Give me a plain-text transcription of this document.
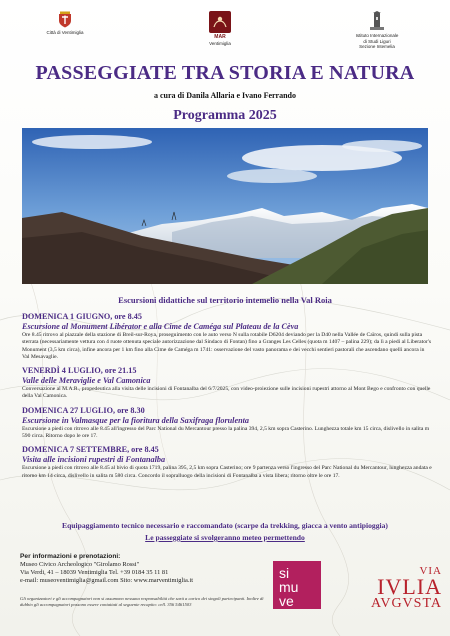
Città di Ventimiglia
MAR
Ventimiglia
Istituto Internazionale
di Studi Liguri
Sezione Intemelia
PASSEGGIATE TRA STORIA E NATURA
a cura di Danila Allaria e Ivano Ferrando
Programma 2025
Escursioni didattiche sul territorio intemelio nella Val Roia
DOMENICA 1 GIUGNO, ore 8.45
Escursione al Monument Libérator e alla Cime de Caméga sul Plateau de la Cèva
Ore 8.45 ritrovo al piazzale della stazione di Breil-sur-Roya, proseguimento con le auto verso N sulla rotabile D6204 deviando per la D40 nella Vallée de Caïros, quindi sulla pista sterrata (necessariamente vettura con 4 ruote ottenuta speciale autorizzazione dal Sindaco di Fontan) fino a Granges Les Celles (quota m 1407 – palina 229); da lì a piedi al Liberator's Monument (3,5 km circa), infine ancora per 1 km fino alla Cime de Caméga m 1741: osservazione del vasto panorama e dei vecchi sentieri pastorali che ascendano quelli ancora in Val Mesavaglie.
VENERDÌ 4 LUGLIO, ore 21.15
Valle delle Meraviglie e Val Camonica
Conversazione al M.A.R., propedeutica alla visita delle incisioni di Fontanalba del 6/7/2025, con video-proiezione sulle incisioni rupestri attorno al Mont Bego e confronto con quelle della Val Camonica.
DOMENICA 27 LUGLIO, ore 8.30
Escursione in Valmasque per la fioritura della Saxifraga florulenta
Escursione a piedi con ritrovo alle 8.45 all'ingresso del Parc National du Mercantour presso la palina 394, 2,5 km sopra Casterino. Lunghezza totale km 15 circa, dislivello in salita m 590 circa. Ritorno dopo le ore 17.
DOMENICA 7 SETTEMBRE, ore 8.45
Visita alle incisioni rupestri di Fontanalba
Escursione a piedi con ritrovo alle 8.45 al bivio di quota 1719, palina 395, 2,5 km sopra Casterino; ore 9 partenza verso l'ingresso del Parc National du Mercantour, lunghezza andata e ritorno km 14 circa, dislivello in salita m 580 circa. Concordo il sopralluogo della incisioni di Fontanalba a vista libera; ritorno oltre le ore 17.
Equipaggiamento tecnico necessario e raccomandato (scarpe da trekking, giacca a vento antipioggia)
Le passeggiate si svolgeranno meteo permettendo
Per informazioni e prenotazioni:
Museo Civico Archeologico "Girolamo Rossi"
Via Verdi, 41 – 18039 Ventimiglia Tel. +39 0184 35 11 81
e-mail: museoventimiglia@gmail.com Sito: www.marventimiglia.it
Gli organizzatori e gli accompagnatori non si assumono nessuna responsabilità che sarà a carico dei singoli partecipanti. Inoltre di dubbio gli accompagnatori possono essere contattati al seguente recapito: cell. 356 5461503
si
mu
ve
VIA
IVLIA
AVGVSTA
